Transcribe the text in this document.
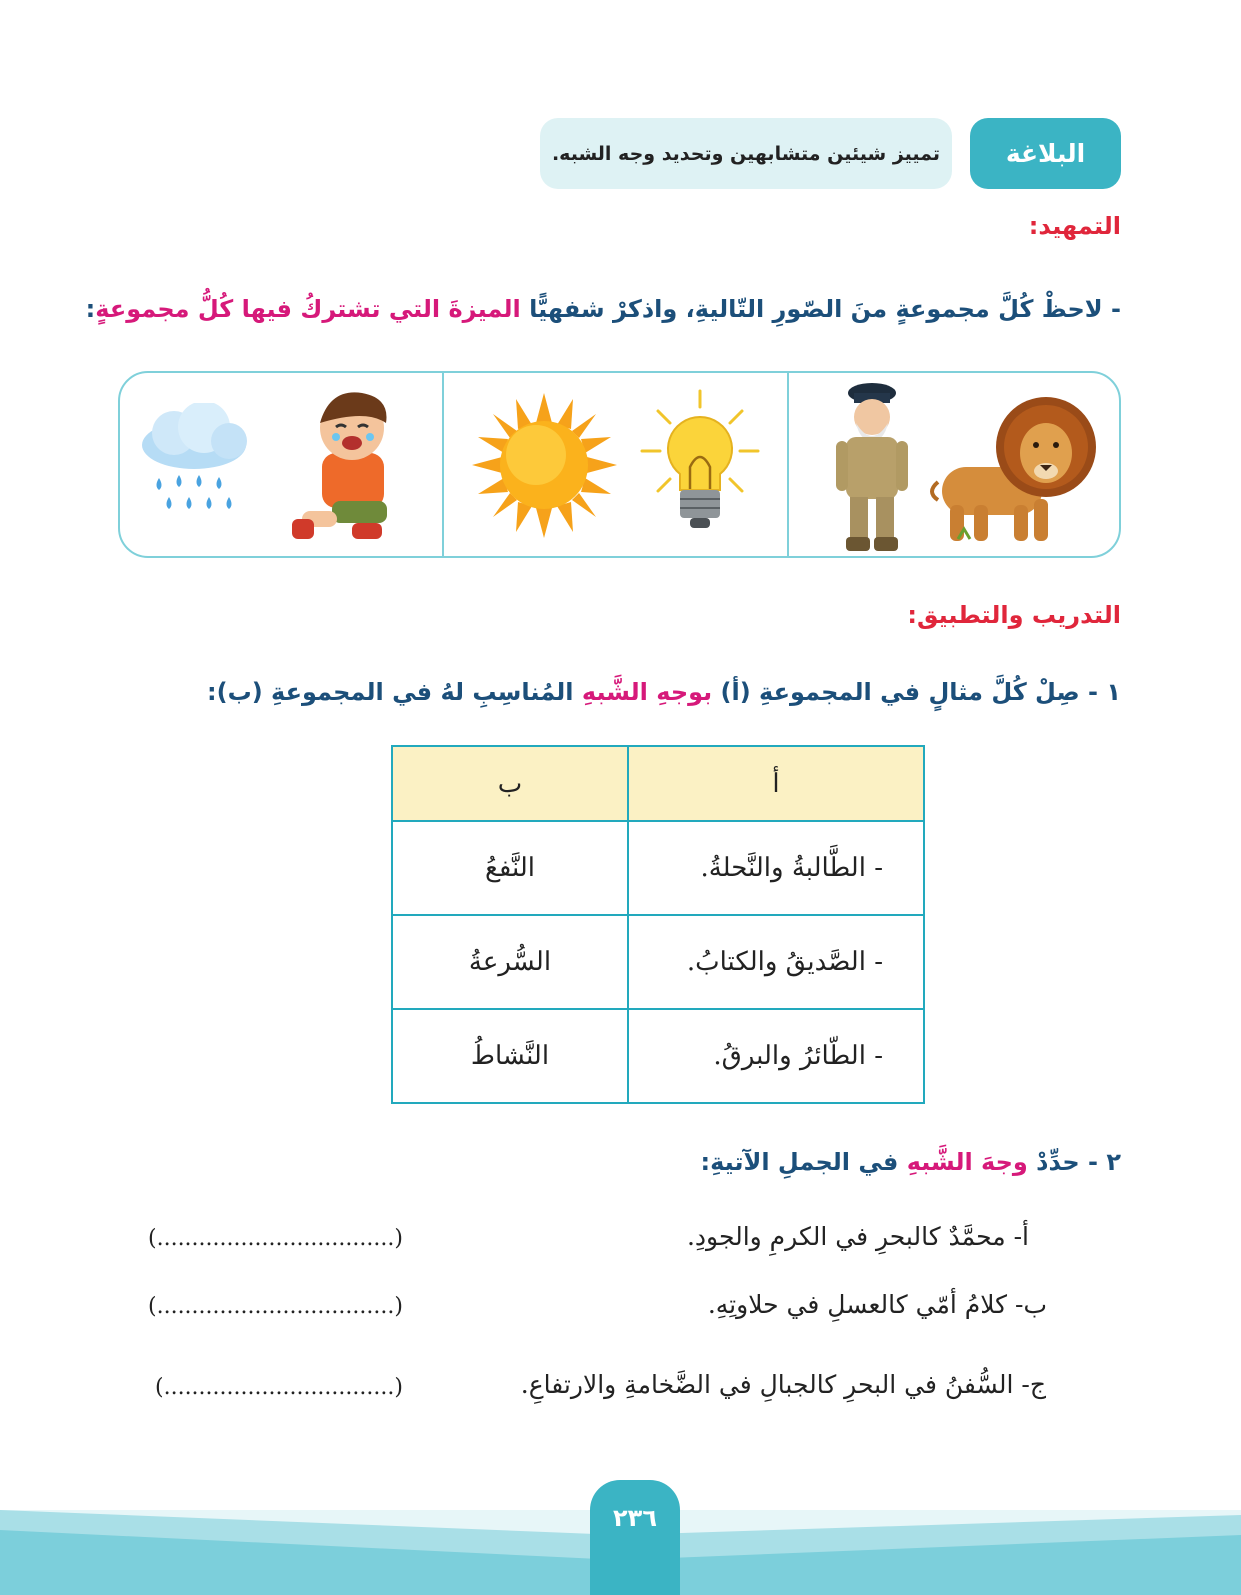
البلاغة
تمييز شيئين متشابهين وتحديد وجه الشبه.
التمهيد:
- لاحظْ كُلَّ مجموعةٍ منَ الصّورِ التّاليةِ، واذكرْ شفهيًّا الميزةَ التي تشتركُ فيها كُلُّ مجموعةٍ:
التدريب والتطبيق:
١ - صِلْ كُلَّ مثالٍ في المجموعةِ (أ) بوجهِ الشَّبهِ المُناسِبِ لهُ في المجموعةِ (ب):
أ	ب
- الطَّالبةُ والنَّحلةُ.	النَّفعُ
- الصَّديقُ والكتابُ.	السُّرعةُ
- الطّائرُ والبرقُ.	النَّشاطُ
٢ - حدِّدْ وجهَ الشَّبهِ في الجملِ الآتيةِ:
أ- محمَّدٌ كالبحرِ في الكرمِ والجودِ.
(..................................)
ب- كلامُ أمّي كالعسلِ في حلاوتِهِ.
(..................................)
ج- السُّفنُ في البحرِ كالجبالِ في الضَّخامةِ والارتفاعِ.
(.................................)
٢٣٦
